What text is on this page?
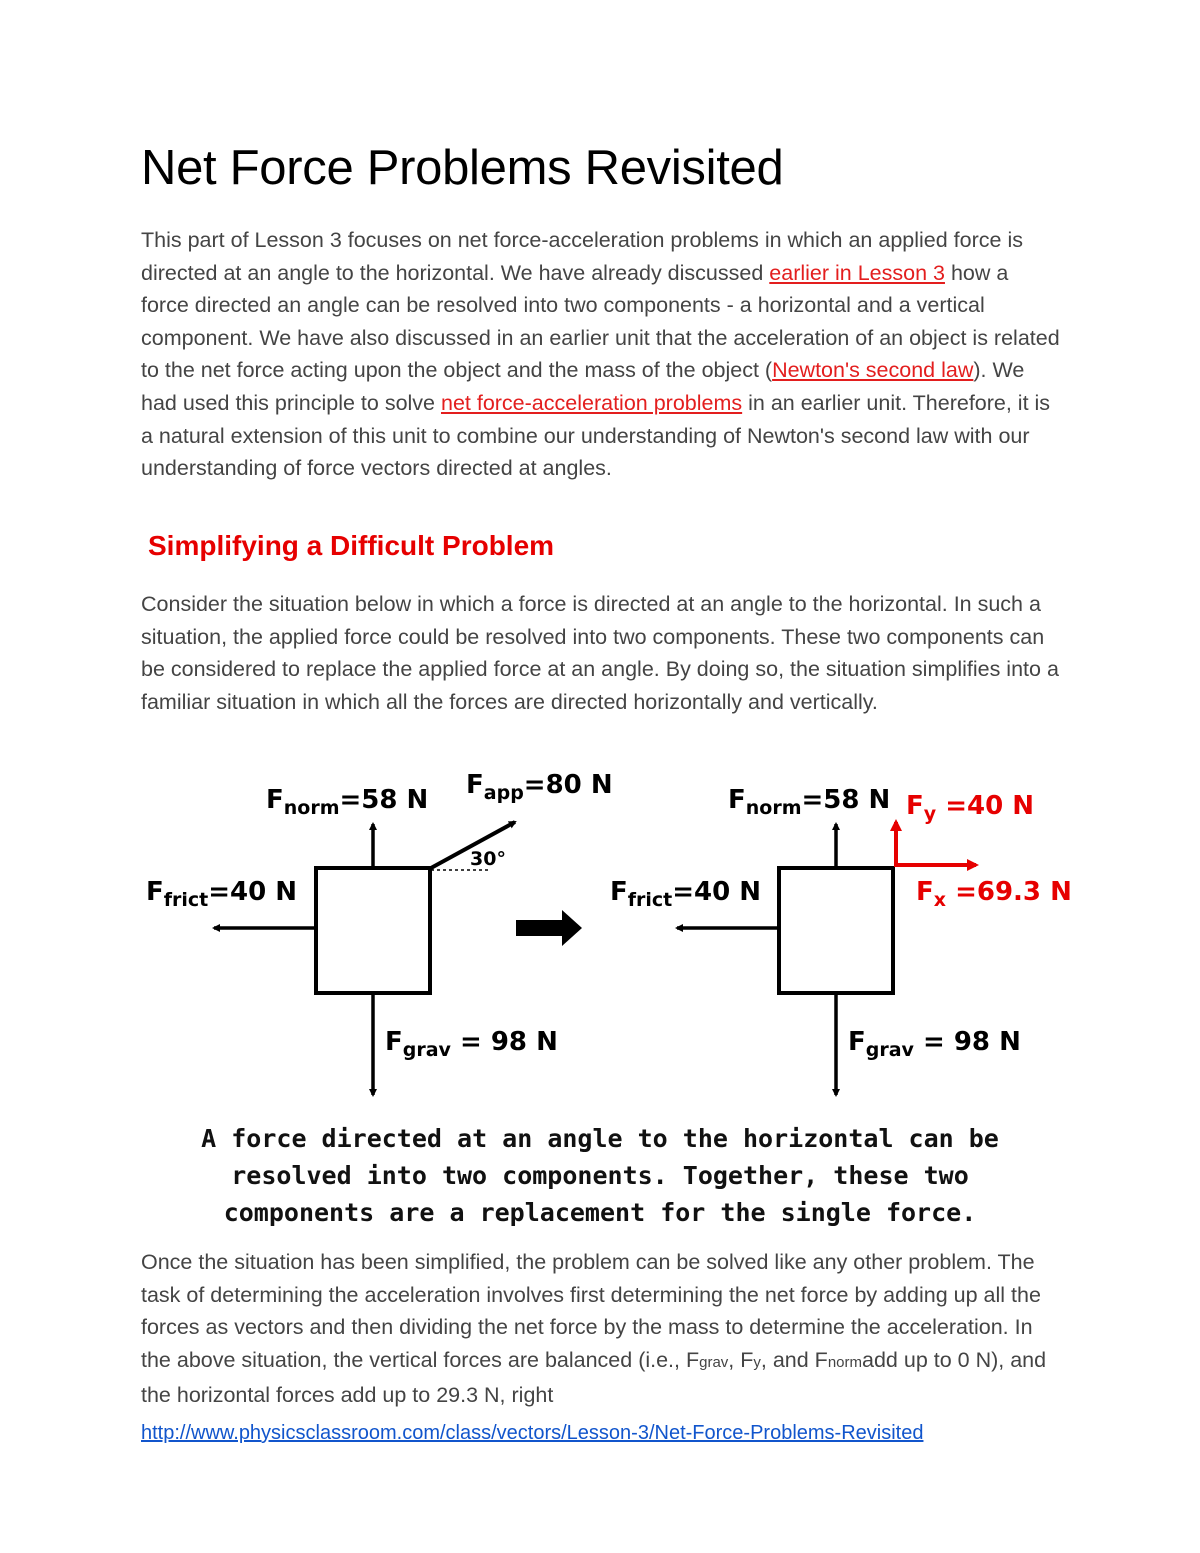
Net Force Problems Revisited

This part of Lesson 3 focuses on net force-acceleration problems in which an applied force is directed at an angle to the horizontal. We have already discussed earlier in Lesson 3 how a force directed an angle can be resolved into two components - a horizontal and a vertical component. We have also discussed in an earlier unit that the acceleration of an object is related to the net force acting upon the object and the mass of the object (Newton's second law). We had used this principle to solve net force-acceleration problems in an earlier unit. Therefore, it is a natural extension of this unit to combine our understanding of Newton's second law with our understanding of force vectors directed at angles.

Simplifying a Difficult Problem

Consider the situation below in which a force is directed at an angle to the horizontal. In such a situation, the applied force could be resolved into two components. These two components can be considered to replace the applied force at an angle. By doing so, the situation simplifies into a familiar situation in which all the forces are directed horizontally and vertically.

$F_{norm}=58$ N $F_{app}=80$ N
30°
$F_{frict}=40$ N
$F_{grav} = 98$ N
$F_{norm}=58$ N $F_y =40$ N
$F_x =69.3$ N
$F_{frict}=40$ N
$F_{grav} = 98$ N

A force directed at an angle to the horizontal can be
resolved into two components. Together, these two
components are a replacement for the single force.

Once the situation has been simplified, the problem can be solved like any other problem. The task of determining the acceleration involves first determining the net force by adding up all the forces as vectors and then dividing the net force by the mass to determine the acceleration. In the above situation, the vertical forces are balanced (i.e., Fgrav, Fy, and Fnormadd up to 0 N), and the horizontal forces add up to 29.3 N, right

http://www.physicsclassroom.com/class/vectors/Lesson-3/Net-Force-Problems-Revisited
